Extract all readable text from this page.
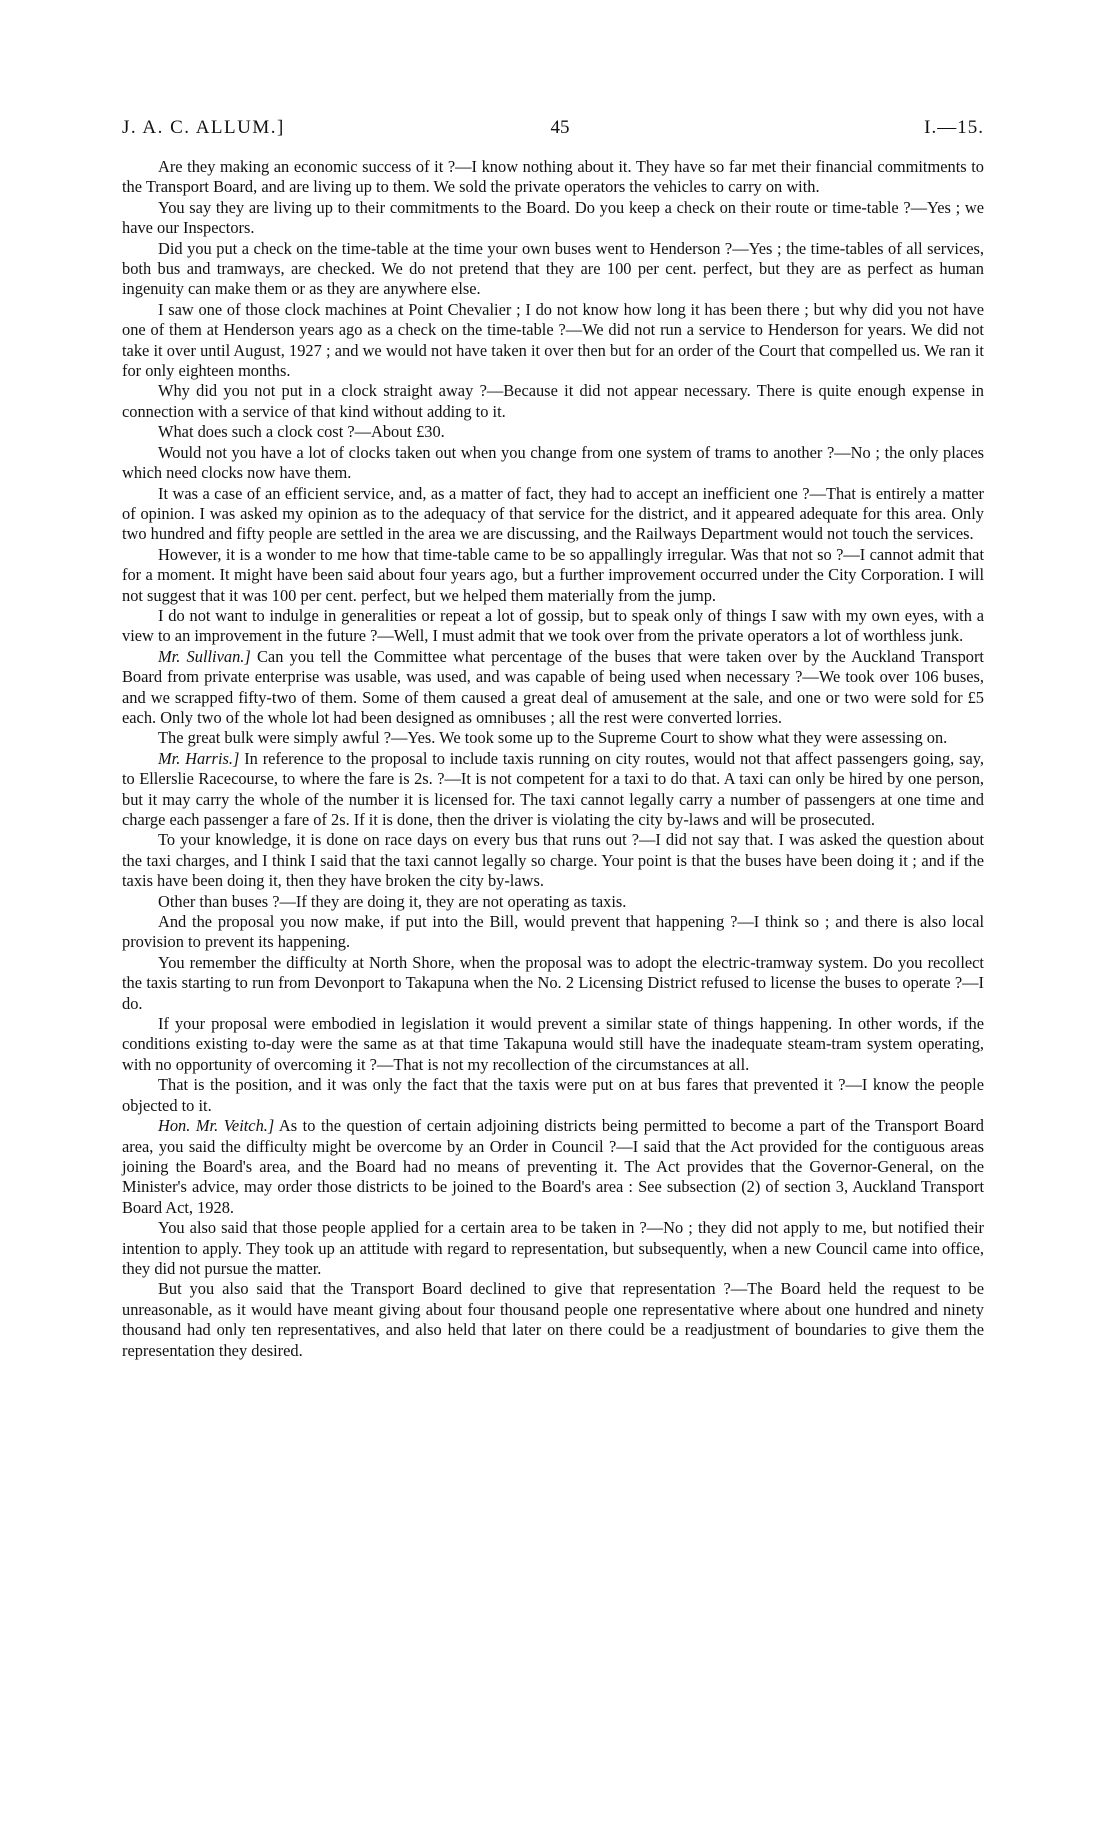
J. A. C. ALLUM.]	45	I.—15.

Are they making an economic success of it ?—I know nothing about it. They have so far met their financial commitments to the Transport Board, and are living up to them. We sold the private operators the vehicles to carry on with.

You say they are living up to their commitments to the Board. Do you keep a check on their route or time-table ?—Yes ; we have our Inspectors.

Did you put a check on the time-table at the time your own buses went to Henderson ?—Yes ; the time-tables of all services, both bus and tramways, are checked. We do not pretend that they are 100 per cent. perfect, but they are as perfect as human ingenuity can make them or as they are anywhere else.

I saw one of those clock machines at Point Chevalier ; I do not know how long it has been there ; but why did you not have one of them at Henderson years ago as a check on the time-table ?—We did not run a service to Henderson for years. We did not take it over until August, 1927 ; and we would not have taken it over then but for an order of the Court that compelled us. We ran it for only eighteen months.

Why did you not put in a clock straight away ?—Because it did not appear necessary. There is quite enough expense in connection with a service of that kind without adding to it.

What does such a clock cost ?—About £30.

Would not you have a lot of clocks taken out when you change from one system of trams to another ?—No ; the only places which need clocks now have them.

It was a case of an efficient service, and, as a matter of fact, they had to accept an inefficient one ?—That is entirely a matter of opinion. I was asked my opinion as to the adequacy of that service for the district, and it appeared adequate for this area. Only two hundred and fifty people are settled in the area we are discussing, and the Railways Department would not touch the services.

However, it is a wonder to me how that time-table came to be so appallingly irregular. Was that not so ?—I cannot admit that for a moment. It might have been said about four years ago, but a further improvement occurred under the City Corporation. I will not suggest that it was 100 per cent. perfect, but we helped them materially from the jump.

I do not want to indulge in generalities or repeat a lot of gossip, but to speak only of things I saw with my own eyes, with a view to an improvement in the future ?—Well, I must admit that we took over from the private operators a lot of worthless junk.

Mr. Sullivan.] Can you tell the Committee what percentage of the buses that were taken over by the Auckland Transport Board from private enterprise was usable, was used, and was capable of being used when necessary ?—We took over 106 buses, and we scrapped fifty-two of them. Some of them caused a great deal of amusement at the sale, and one or two were sold for £5 each. Only two of the whole lot had been designed as omnibuses ; all the rest were converted lorries.

The great bulk were simply awful ?—Yes. We took some up to the Supreme Court to show what they were assessing on.

Mr. Harris.] In reference to the proposal to include taxis running on city routes, would not that affect passengers going, say, to Ellerslie Racecourse, to where the fare is 2s. ?—It is not competent for a taxi to do that. A taxi can only be hired by one person, but it may carry the whole of the number it is licensed for. The taxi cannot legally carry a number of passengers at one time and charge each passenger a fare of 2s. If it is done, then the driver is violating the city by-laws and will be prosecuted.

To your knowledge, it is done on race days on every bus that runs out ?—I did not say that. I was asked the question about the taxi charges, and I think I said that the taxi cannot legally so charge. Your point is that the buses have been doing it ; and if the taxis have been doing it, then they have broken the city by-laws.

Other than buses ?—If they are doing it, they are not operating as taxis.

And the proposal you now make, if put into the Bill, would prevent that happening ?—I think so ; and there is also local provision to prevent its happening.

You remember the difficulty at North Shore, when the proposal was to adopt the electric-tramway system. Do you recollect the taxis starting to run from Devonport to Takapuna when the No. 2 Licensing District refused to license the buses to operate ?—I do.

If your proposal were embodied in legislation it would prevent a similar state of things happening. In other words, if the conditions existing to-day were the same as at that time Takapuna would still have the inadequate steam-tram system operating, with no opportunity of overcoming it ?—That is not my recollection of the circumstances at all.

That is the position, and it was only the fact that the taxis were put on at bus fares that prevented it ?—I know the people objected to it.

Hon. Mr. Veitch.] As to the question of certain adjoining districts being permitted to become a part of the Transport Board area, you said the difficulty might be overcome by an Order in Council ?—I said that the Act provided for the contiguous areas joining the Board's area, and the Board had no means of preventing it. The Act provides that the Governor-General, on the Minister's advice, may order those districts to be joined to the Board's area : See subsection (2) of section 3, Auckland Transport Board Act, 1928.

You also said that those people applied for a certain area to be taken in ?—No ; they did not apply to me, but notified their intention to apply. They took up an attitude with regard to representation, but subsequently, when a new Council came into office, they did not pursue the matter.

But you also said that the Transport Board declined to give that representation ?—The Board held the request to be unreasonable, as it would have meant giving about four thousand people one representative where about one hundred and ninety thousand had only ten representatives, and also held that later on there could be a readjustment of boundaries to give them the representation they desired.
